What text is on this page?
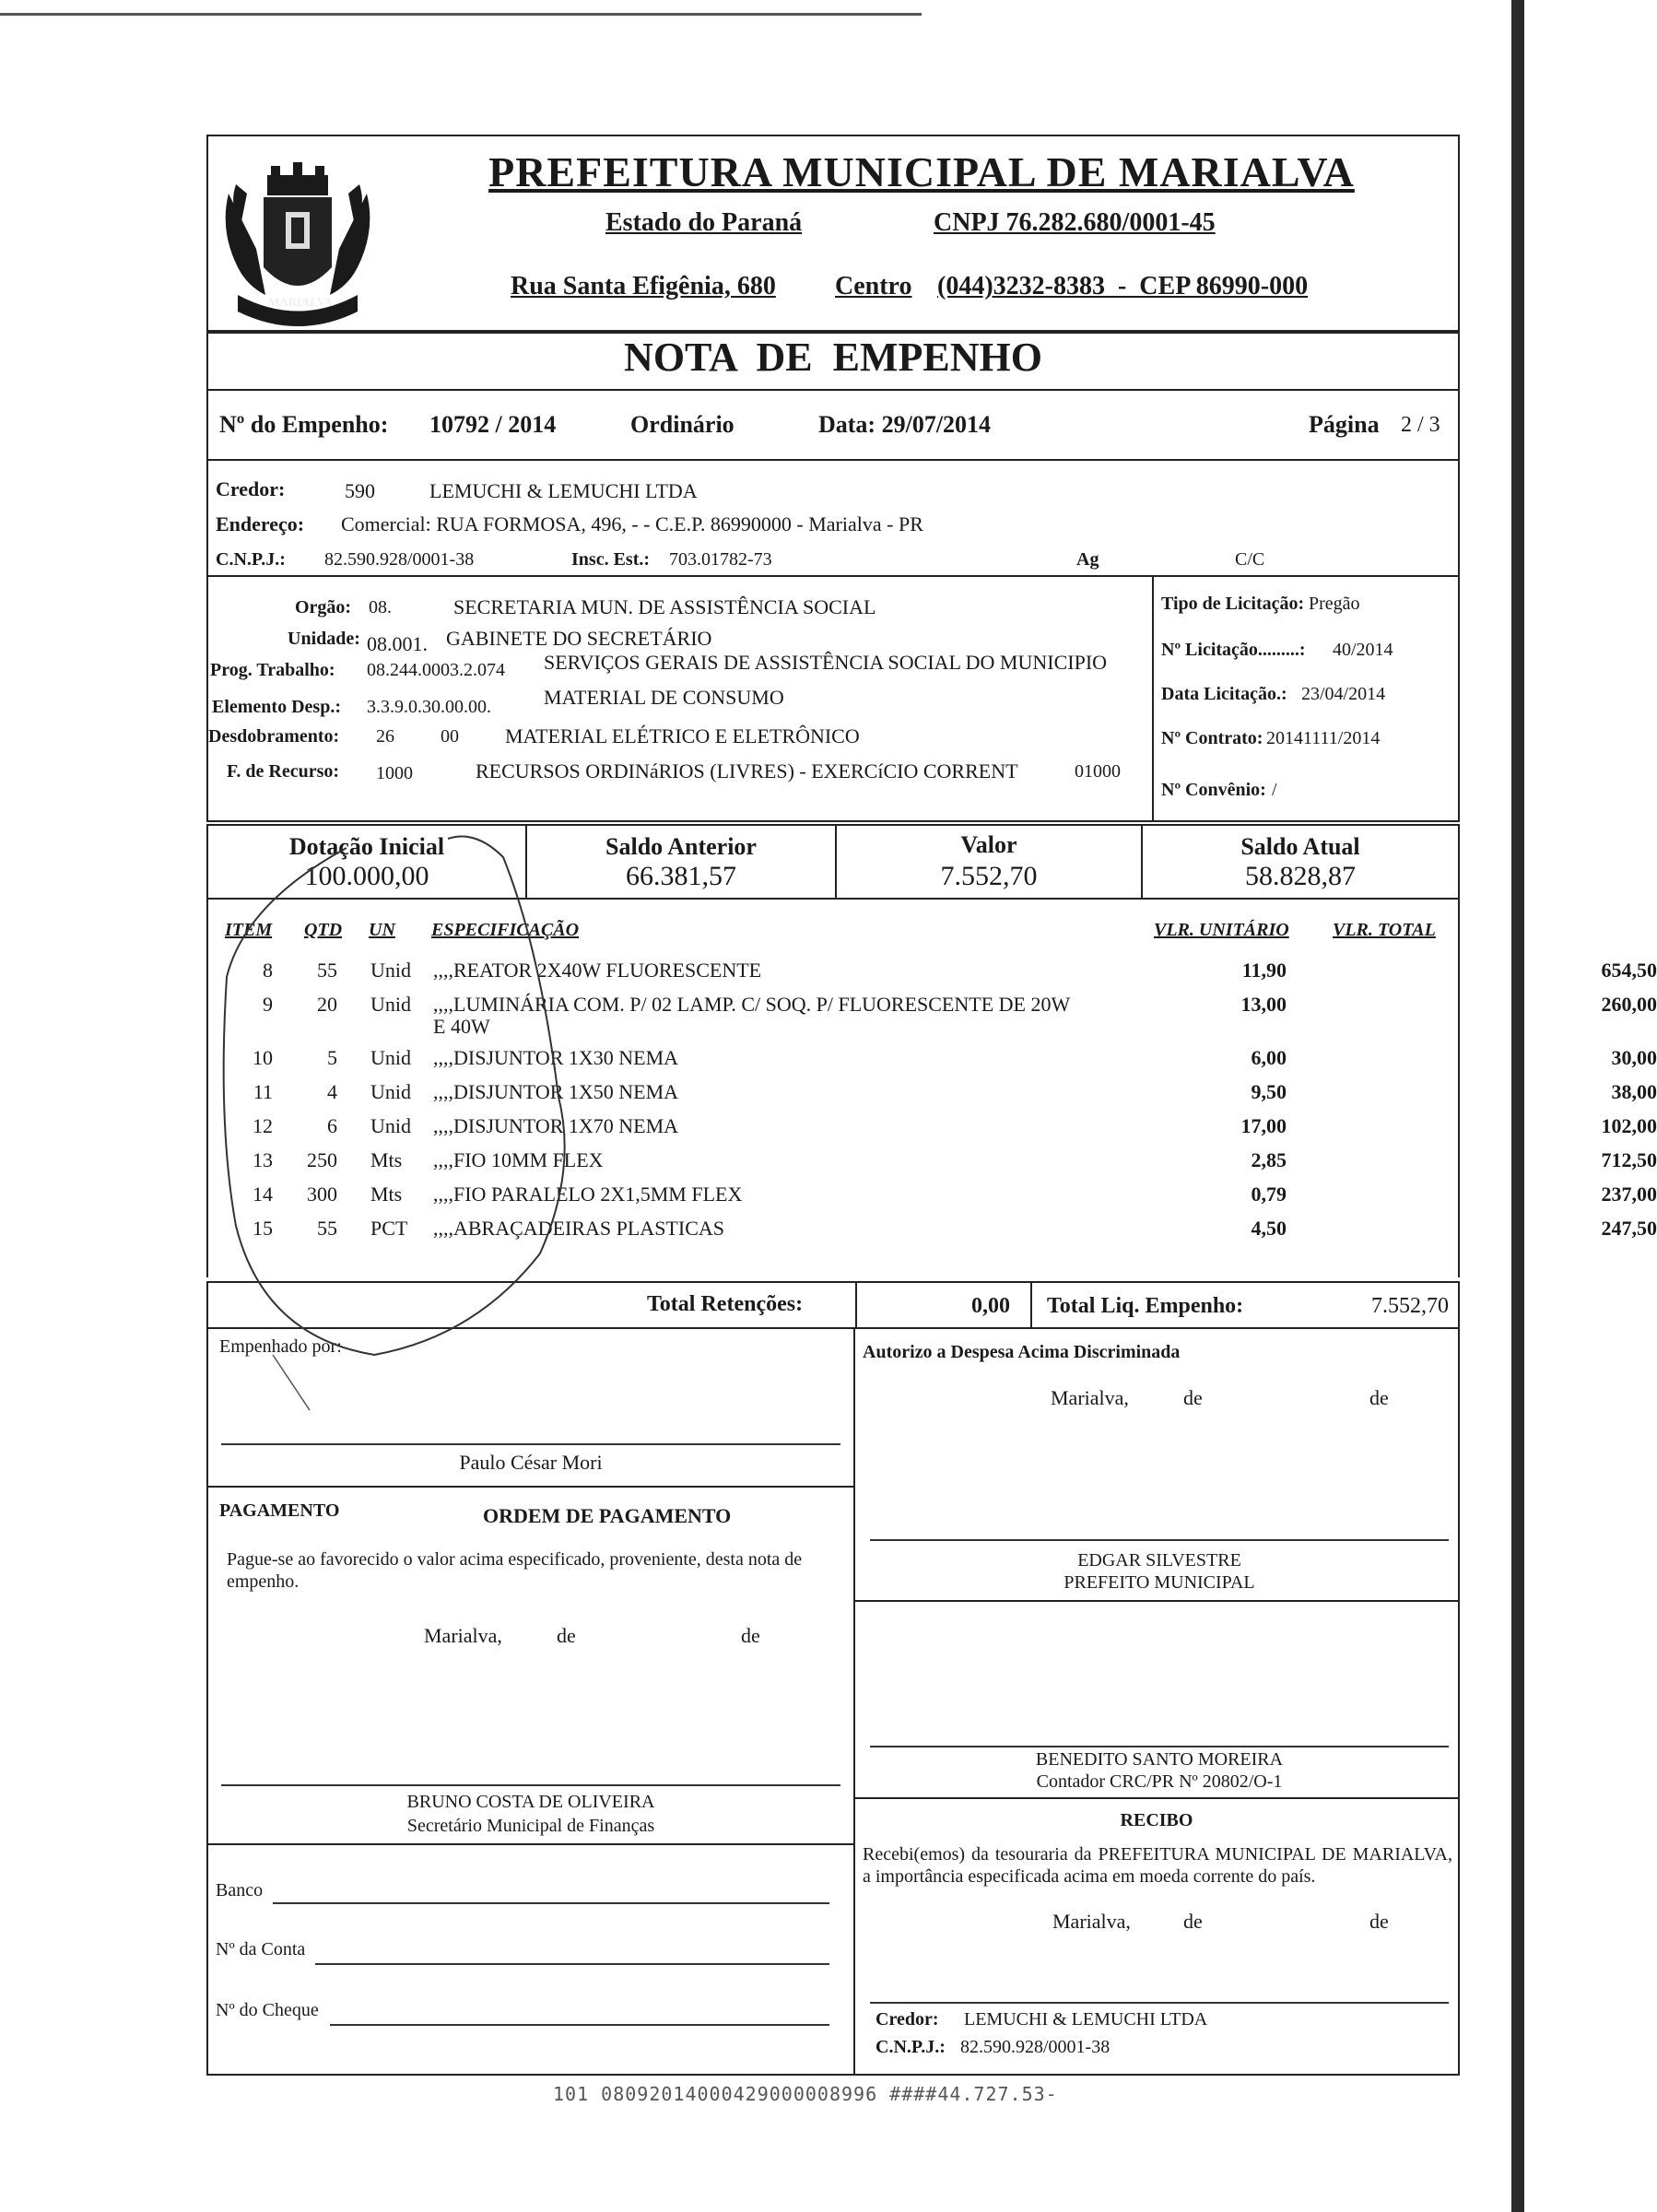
MARIALVA
PREFEITURA MUNICIPAL DE MARIALVA
Estado do Paraná	CNPJ 76.282.680/0001-45
Rua Santa Efigênia, 680 Centro (044)3232-8383  -  CEP 86990-000
NOTA  DE  EMPENHO
Nº do Empenho: 10792 / 2014	Ordinário	Data: 29/07/2014	Página 2 / 3
Credor:	590	LEMUCHI & LEMUCHI LTDA
Endereço: Comercial: RUA FORMOSA, 496, - - C.E.P. 86990000 - Marialva - PR
C.N.P.J.: 82.590.928/0001-38	Insc. Est.: 703.01782-73	Ag	C/C
Orgão: 08.	SECRETARIA MUN. DE ASSISTÊNCIA SOCIAL
Unidade: 08.001. GABINETE DO SECRETÁRIO
Prog. Trabalho: 08.244.0003.2.074 SERVIÇOS GERAIS DE ASSISTÊNCIA SOCIAL DO MUNICIPIO
Elemento Desp.: 3.3.9.0.30.00.00.	MATERIAL DE CONSUMO
Desdobramento: 26	00 MATERIAL ELÉTRICO E ELETRÔNICO
F. de Recurso: 1000	RECURSOS ORDINáRIOS (LIVRES) - EXERCíCIO CORRENT	01000
Tipo de Licitação: Pregão
Nº Licitação.........: 40/2014
Data Licitação.: 23/04/2014
Nº Contrato: 20141111/2014
Nº Convênio: /
Dotação Inicial
100.000,00
Saldo Anterior
66.381,57
Valor
7.552,70
Saldo Atual
58.828,87
ITEM QTD UN ESPECIFICAÇÃO	VLR. UNITÁRIO VLR. TOTAL
8	55 Unid ,,,,REATOR 2X40W FLUORESCENTE	11,90	654,50
9	20 Unid ,,,,LUMINÁRIA COM. P/ 02 LAMP. C/ SOQ. P/ FLUORESCENTE DE 20W	13,00	260,00
E 40W
10	5 Unid ,,,,DISJUNTOR 1X30 NEMA	6,00	30,00
11	4 Unid ,,,,DISJUNTOR 1X50 NEMA	9,50	38,00
12	6 Unid ,,,,DISJUNTOR 1X70 NEMA	17,00	102,00
13	250 Mts ,,,,FIO 10MM FLEX	2,85	712,50
14	300 Mts ,,,,FIO PARALELO 2X1,5MM FLEX	0,79	237,00
15	55 PCT ,,,,ABRAÇADEIRAS PLASTICAS	4,50	247,50
Total Retenções:	0,00 Total Liq. Empenho:	7.552,70
Empenhado por:
Paulo César Mori
PAGAMENTO	ORDEM DE PAGAMENTO
Pague-se ao favorecido o valor acima especificado, proveniente, desta nota de empenho.
Marialva,	de	de
BRUNO COSTA DE OLIVEIRA
Secretário Municipal de Finanças
Banco
Nº da Conta
Nº do Cheque
Autorizo a Despesa Acima Discriminada
Marialva,	de	de
EDGAR SILVESTRE
PREFEITO MUNICIPAL
BENEDITO SANTO MOREIRA
Contador CRC/PR Nº 20802/O-1
RECIBO
Recebi(emos) da tesouraria da PREFEITURA MUNICIPAL DE MARIALVA, a importância especificada acima em moeda corrente do país.
Marialva,	de	de
Credor: LEMUCHI & LEMUCHI LTDA
C.N.P.J.: 82.590.928/0001-38
101 08092014000429000008996 ####44.727.53-
